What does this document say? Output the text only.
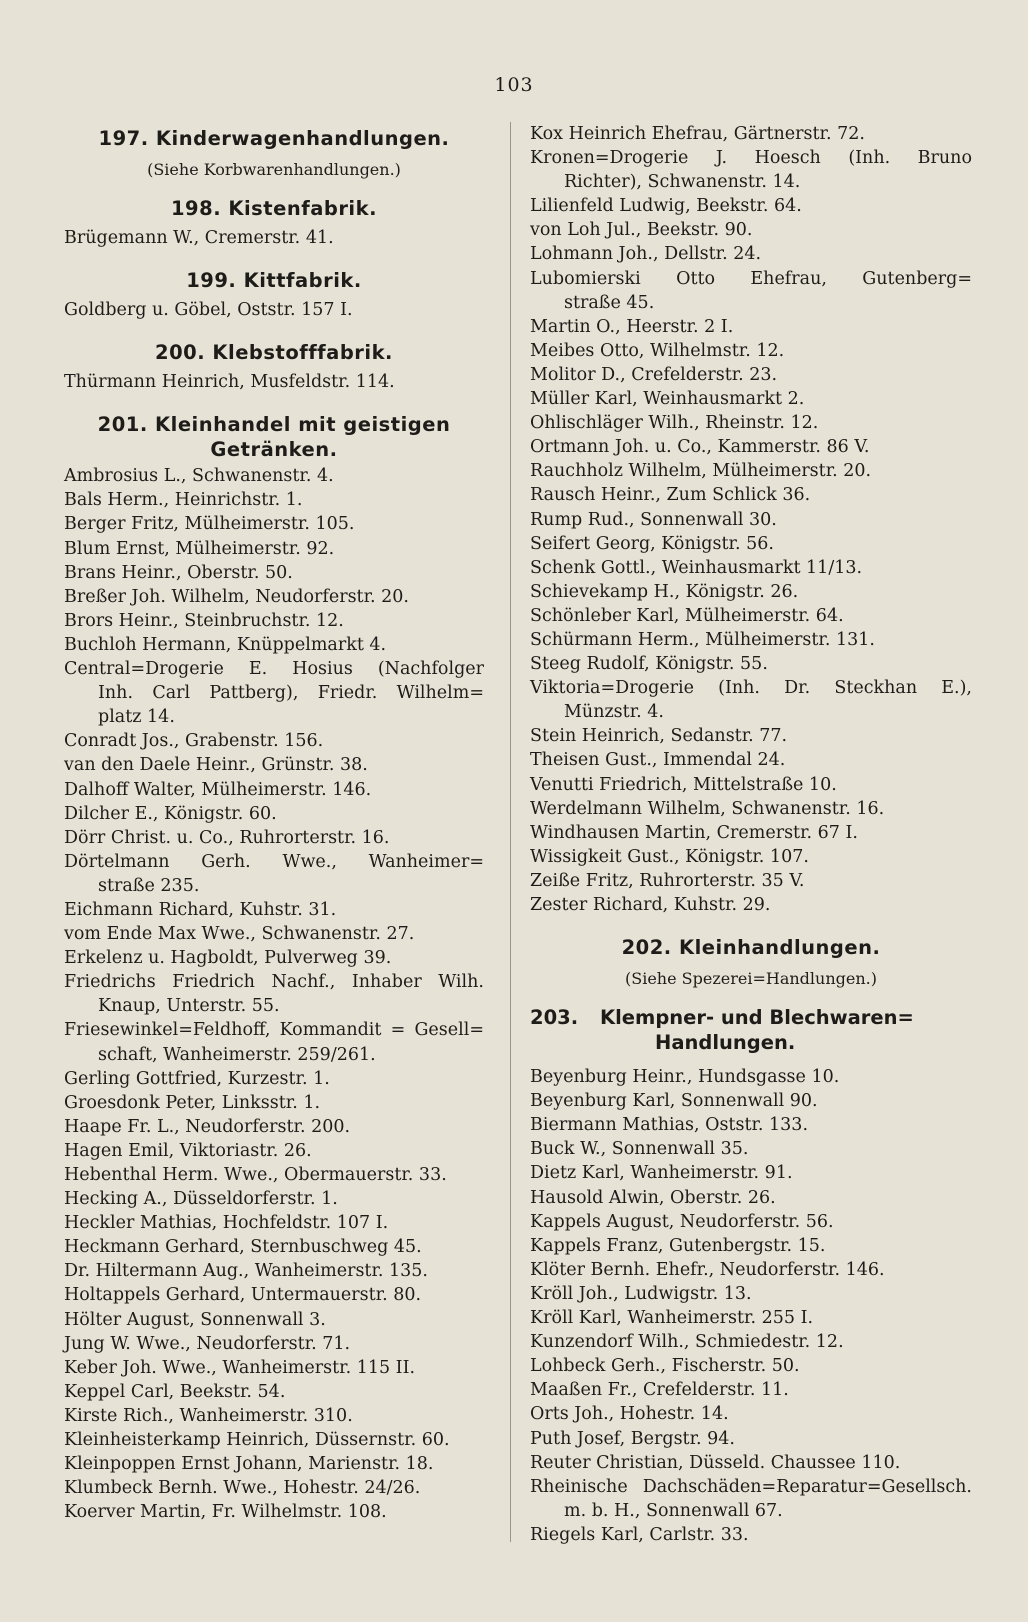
103
197. Kinderwagenhandlungen.
(Siehe Korbwarenhandlungen.)
198. Kistenfabrik.
Brügemann W., Cremerstr. 41.
199. Kittfabrik.
Goldberg u. Göbel, Oststr. 157 I.
200. Klebstofffabrik.
Thürmann Heinrich, Musfeldstr. 114.
201. Kleinhandel mit geistigen
Getränken.
Ambrosius L., Schwanenstr. 4.
Bals Herm., Heinrichstr. 1.
Berger Fritz, Mülheimerstr. 105.
Blum Ernst, Mülheimerstr. 92.
Brans Heinr., Oberstr. 50.
Breßer Joh. Wilhelm, Neudorferstr. 20.
Brors Heinr., Steinbruchstr. 12.
Buchloh Hermann, Knüppelmarkt 4.
Central=Drogerie E. Hosius (Nachfolger
Inh. Carl Pattberg), Friedr. Wilhelm=
platz 14.
Conradt Jos., Grabenstr. 156.
van den Daele Heinr., Grünstr. 38.
Dalhoff Walter, Mülheimerstr. 146.
Dilcher E., Königstr. 60.
Dörr Christ. u. Co., Ruhrorterstr. 16.
Dörtelmann Gerh. Wwe., Wanheimer=
straße 235.
Eichmann Richard, Kuhstr. 31.
vom Ende Max Wwe., Schwanenstr. 27.
Erkelenz u. Hagboldt, Pulverweg 39.
Friedrichs Friedrich Nachf., Inhaber Wilh.
Knaup, Unterstr. 55.
Friesewinkel=Feldhoff, Kommandit = Gesell=
schaft, Wanheimerstr. 259/261.
Gerling Gottfried, Kurzestr. 1.
Groesdonk Peter, Linksstr. 1.
Haape Fr. L., Neudorferstr. 200.
Hagen Emil, Viktoriastr. 26.
Hebenthal Herm. Wwe., Obermauerstr. 33.
Hecking A., Düsseldorferstr. 1.
Heckler Mathias, Hochfeldstr. 107 I.
Heckmann Gerhard, Sternbuschweg 45.
Dr. Hiltermann Aug., Wanheimerstr. 135.
Holtappels Gerhard, Untermauerstr. 80.
Hölter August, Sonnenwall 3.
Jung W. Wwe., Neudorferstr. 71.
Keber Joh. Wwe., Wanheimerstr. 115 II.
Keppel Carl, Beekstr. 54.
Kirste Rich., Wanheimerstr. 310.
Kleinheisterkamp Heinrich, Düssernstr. 60.
Kleinpoppen Ernst Johann, Marienstr. 18.
Klumbeck Bernh. Wwe., Hohestr. 24/26.
Koerver Martin, Fr. Wilhelmstr. 108.
Kox Heinrich Ehefrau, Gärtnerstr. 72.
Kronen=Drogerie J. Hoesch (Inh. Bruno
Richter), Schwanenstr. 14.
Lilienfeld Ludwig, Beekstr. 64.
von Loh Jul., Beekstr. 90.
Lohmann Joh., Dellstr. 24.
Lubomierski Otto Ehefrau, Gutenberg=
straße 45.
Martin O., Heerstr. 2 I.
Meibes Otto, Wilhelmstr. 12.
Molitor D., Crefelderstr. 23.
Müller Karl, Weinhausmarkt 2.
Ohlischläger Wilh., Rheinstr. 12.
Ortmann Joh. u. Co., Kammerstr. 86 V.
Rauchholz Wilhelm, Mülheimerstr. 20.
Rausch Heinr., Zum Schlick 36.
Rump Rud., Sonnenwall 30.
Seifert Georg, Königstr. 56.
Schenk Gottl., Weinhausmarkt 11/13.
Schievekamp H., Königstr. 26.
Schönleber Karl, Mülheimerstr. 64.
Schürmann Herm., Mülheimerstr. 131.
Steeg Rudolf, Königstr. 55.
Viktoria=Drogerie (Inh. Dr. Steckhan E.),
Münzstr. 4.
Stein Heinrich, Sedanstr. 77.
Theisen Gust., Immendal 24.
Venutti Friedrich, Mittelstraße 10.
Werdelmann Wilhelm, Schwanenstr. 16.
Windhausen Martin, Cremerstr. 67 I.
Wissigkeit Gust., Königstr. 107.
Zeiße Fritz, Ruhrorterstr. 35 V.
Zester Richard, Kuhstr. 29.
202. Kleinhandlungen.
(Siehe Spezerei=Handlungen.)
203.	Klempner- und Blechwaren=
Handlungen.
Beyenburg Heinr., Hundsgasse 10.
Beyenburg Karl, Sonnenwall 90.
Biermann Mathias, Oststr. 133.
Buck W., Sonnenwall 35.
Dietz Karl, Wanheimerstr. 91.
Hausold Alwin, Oberstr. 26.
Kappels August, Neudorferstr. 56.
Kappels Franz, Gutenbergstr. 15.
Klöter Bernh. Ehefr., Neudorferstr. 146.
Kröll Joh., Ludwigstr. 13.
Kröll Karl, Wanheimerstr. 255 I.
Kunzendorf Wilh., Schmiedestr. 12.
Lohbeck Gerh., Fischerstr. 50.
Maaßen Fr., Crefelderstr. 11.
Orts Joh., Hohestr. 14.
Puth Josef, Bergstr. 94.
Reuter Christian, Düsseld. Chaussee 110.
Rheinische Dachschäden=Reparatur=Gesellsch.
m. b. H., Sonnenwall 67.
Riegels Karl, Carlstr. 33.
